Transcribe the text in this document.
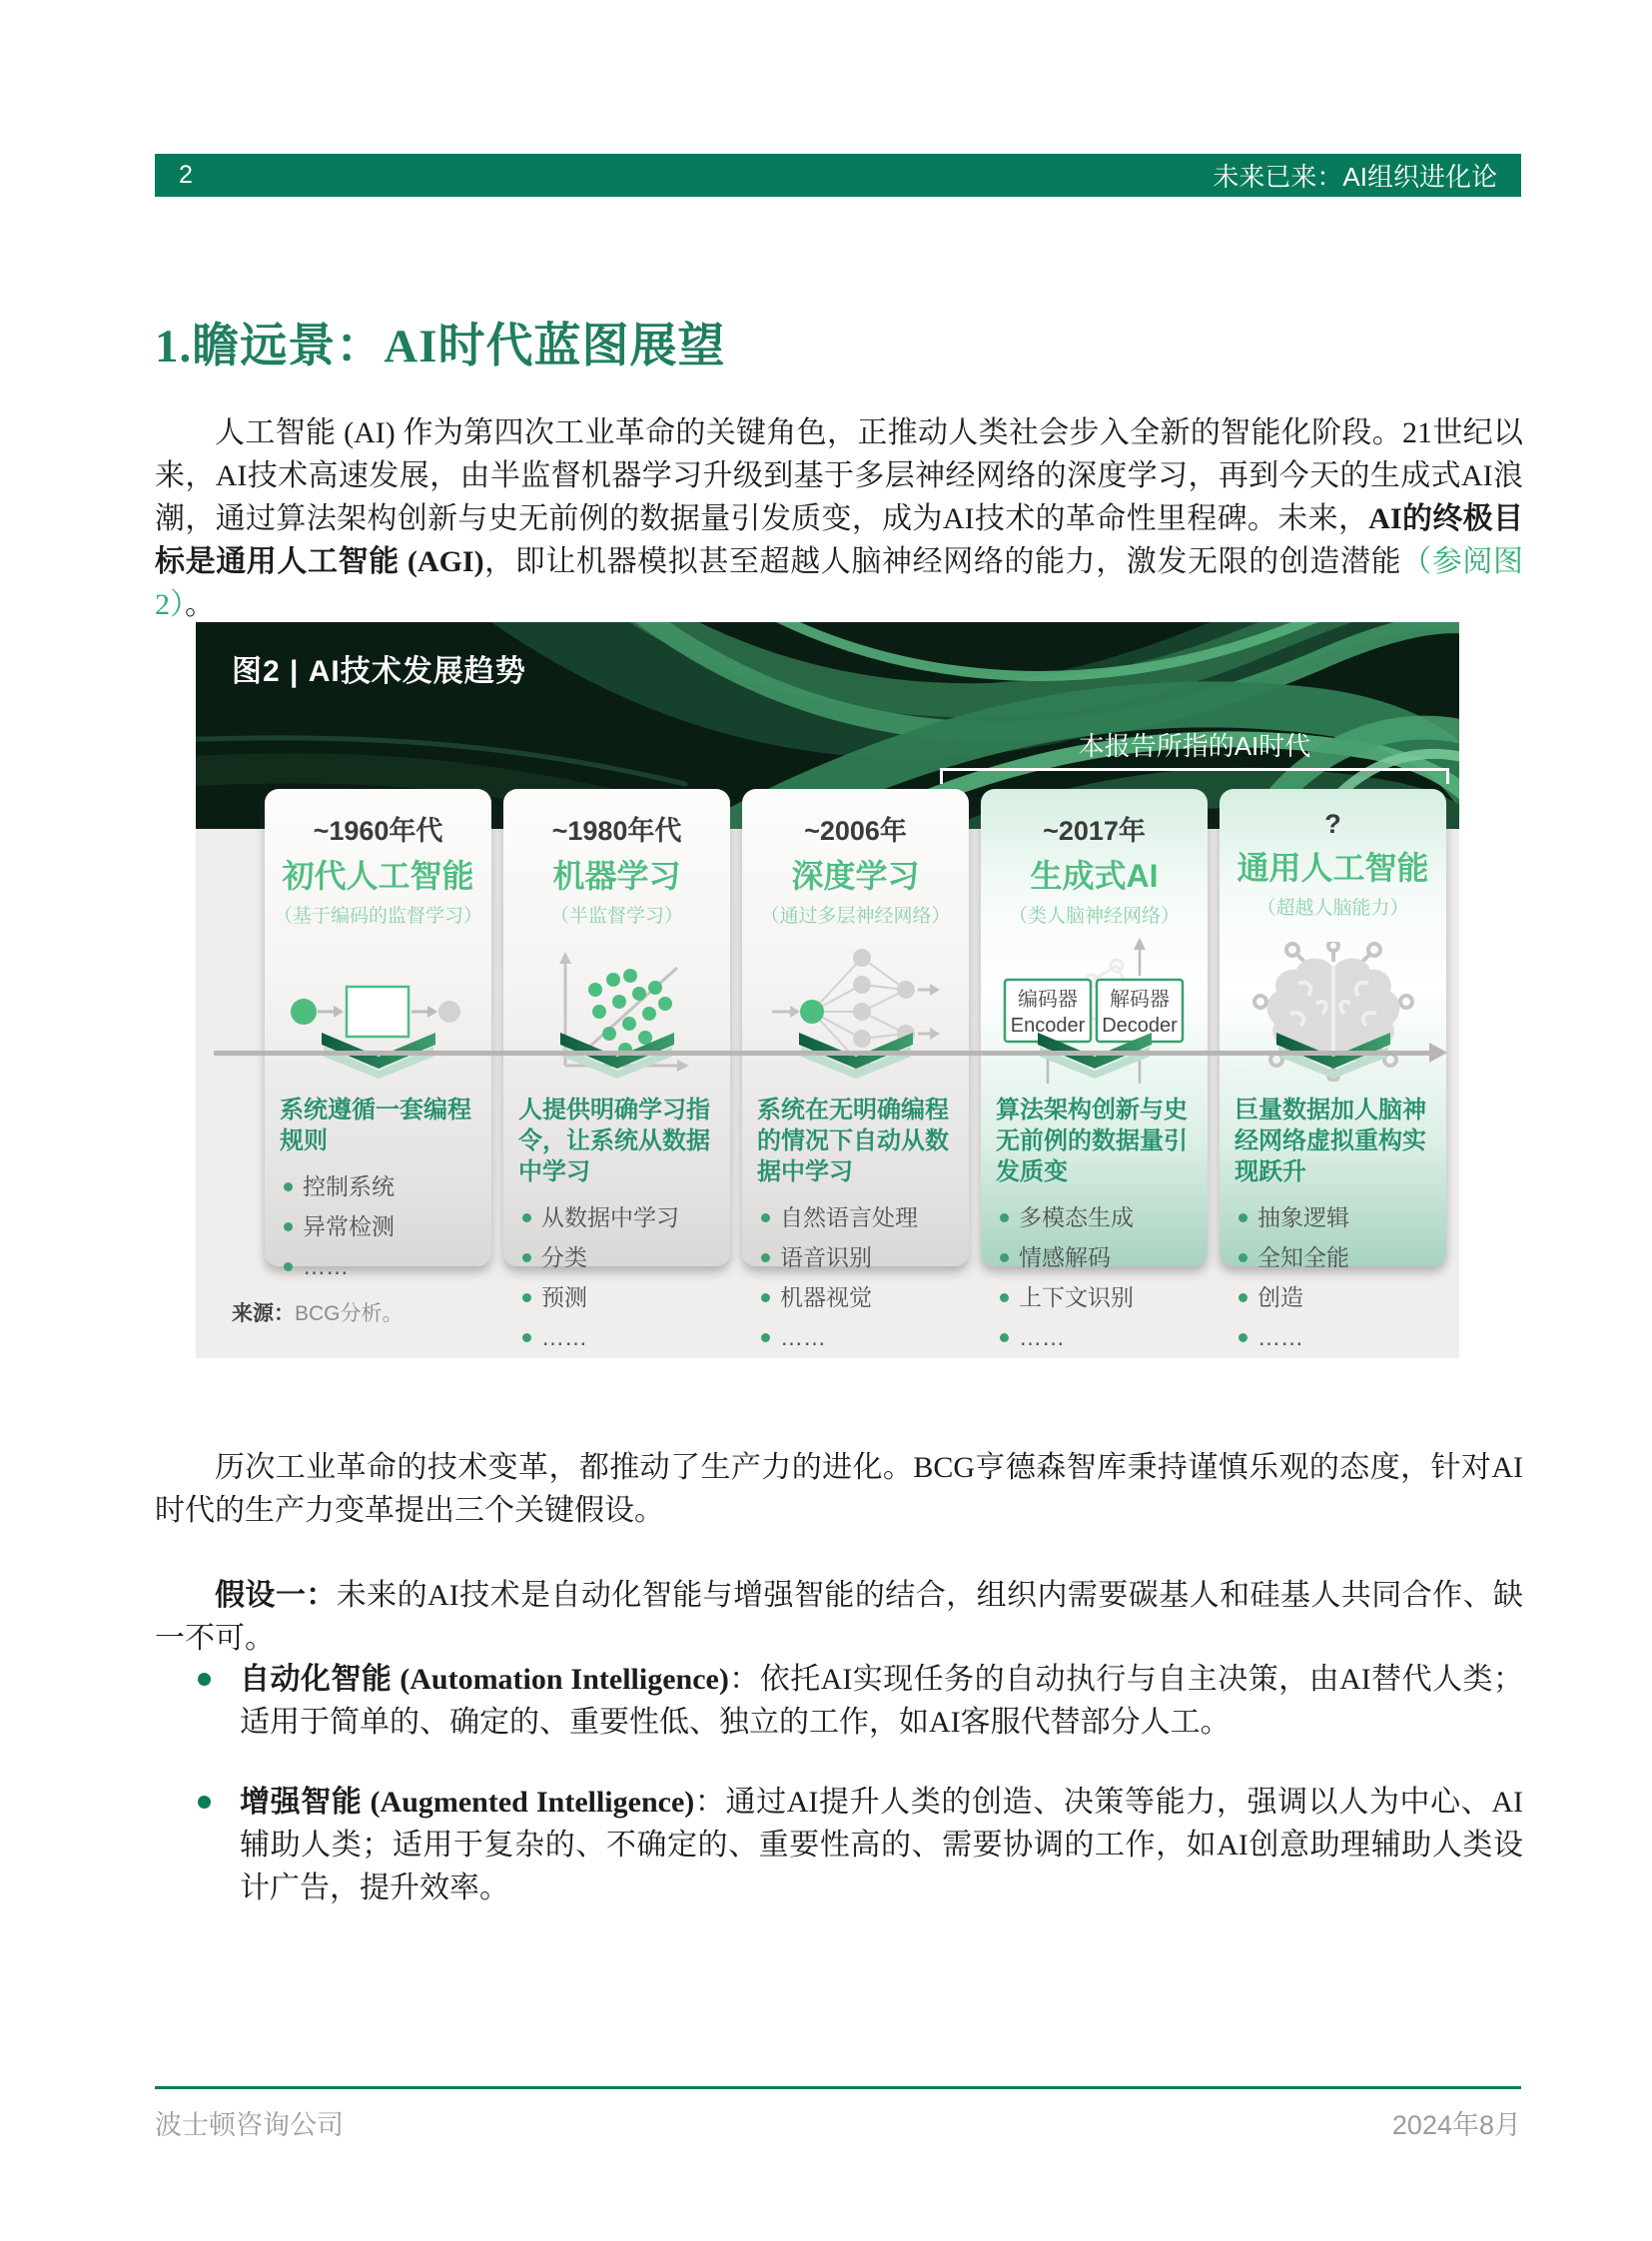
2	未来已来：AI组织进化论
1.瞻远景：AI时代蓝图展望

人工智能 (AI) 作为第四次工业革命的关键角色，正推动人类社会步入全新的智能化阶段。21世纪以来，AI技术高速发展，由半监督机器学习升级到基于多层神经网络的深度学习，再到今天的生成式AI浪潮，通过算法架构创新与史无前例的数据量引发质变，成为AI技术的革命性里程碑。未来，AI的终极目标是通用人工智能 (AGI)，即让机器模拟甚至超越人脑神经网络的能力，激发无限的创造潜能（参阅图2）。

图2 | AI技术发展趋势
本报告所指的AI时代
~1960年代
初代人工智能
（基于编码的监督学习）
系统遵循一套编程规则
控制系统
异常检测
……
~1980年代
机器学习
（半监督学习）
人提供明确学习指令，让系统从数据中学习
从数据中学习
分类
预测
……
~2006年
深度学习
（通过多层神经网络）
系统在无明确编程的情况下自动从数据中学习
自然语言处理
语音识别
机器视觉
……
~2017年
生成式AI
（类人脑神经网络）
编码器
Encoder
解码器
Decoder
算法架构创新与史无前例的数据量引发质变
多模态生成
情感解码
上下文识别
……
?
通用人工智能
（超越人脑能力）
巨量数据加人脑神经网络虚拟重构实现跃升
抽象逻辑
全知全能
创造
……
来源：BCG分析。

历次工业革命的技术变革，都推动了生产力的进化。BCG亨德森智库秉持谨慎乐观的态度，针对AI时代的生产力变革提出三个关键假设。

假设一：未来的AI技术是自动化智能与增强智能的结合，组织内需要碳基人和硅基人共同合作、缺一不可。

自动化智能 (Automation Intelligence)：依托AI实现任务的自动执行与自主决策，由AI替代人类；适用于简单的、确定的、重要性低、独立的工作，如AI客服代替部分人工。
增强智能 (Augmented Intelligence)：通过AI提升人类的创造、决策等能力，强调以人为中心、AI辅助人类；适用于复杂的、不确定的、重要性高的、需要协调的工作，如AI创意助理辅助人类设计广告，提升效率。
波士顿咨询公司	2024年8月
